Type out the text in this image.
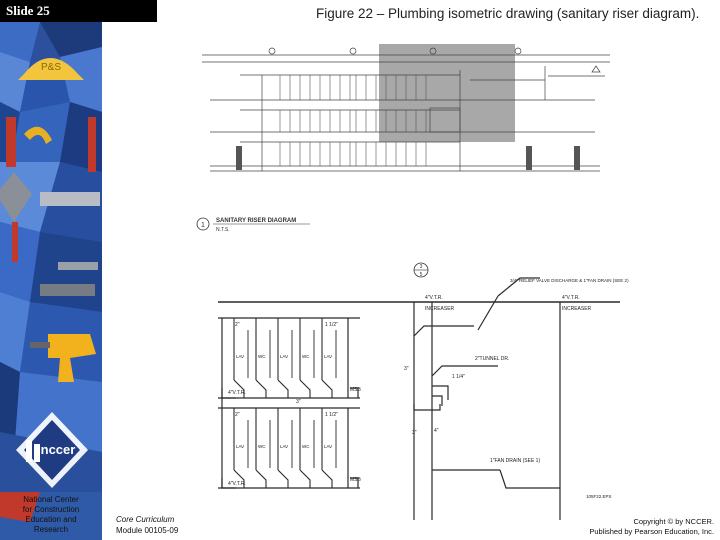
Slide 25	Figure 22 – Plumbing isometric drawing (sanitary riser diagram).
P&S
nccer
National Center
for Construction
Education and
Research
1
SANITARY RISER DIAGRAM
N.T.S.
3
5
LAV	WC	LAV	WC	LAV
LAV	WC	LAV	WC	LAV
4"V.T.R.	4"V.T.R.
INCREASER	INCREASER
3/4" RELIEF VALVE DISCHARGE & 1"FAN DRAIN (SEE 2)
2"TUNNEL DR.
1"FAN DRAIN (SEE 1)
2"	1 1/2"
3"
2"	1 1/2"
3"
4"
3"
1 1/4"
4"V.T.R.
4"V.T.R.
MSB
MSB
105F22.EPS
Core Curriculum
Module 00105-09
Copyright © by NCCER.
Published by Pearson Education, Inc.
